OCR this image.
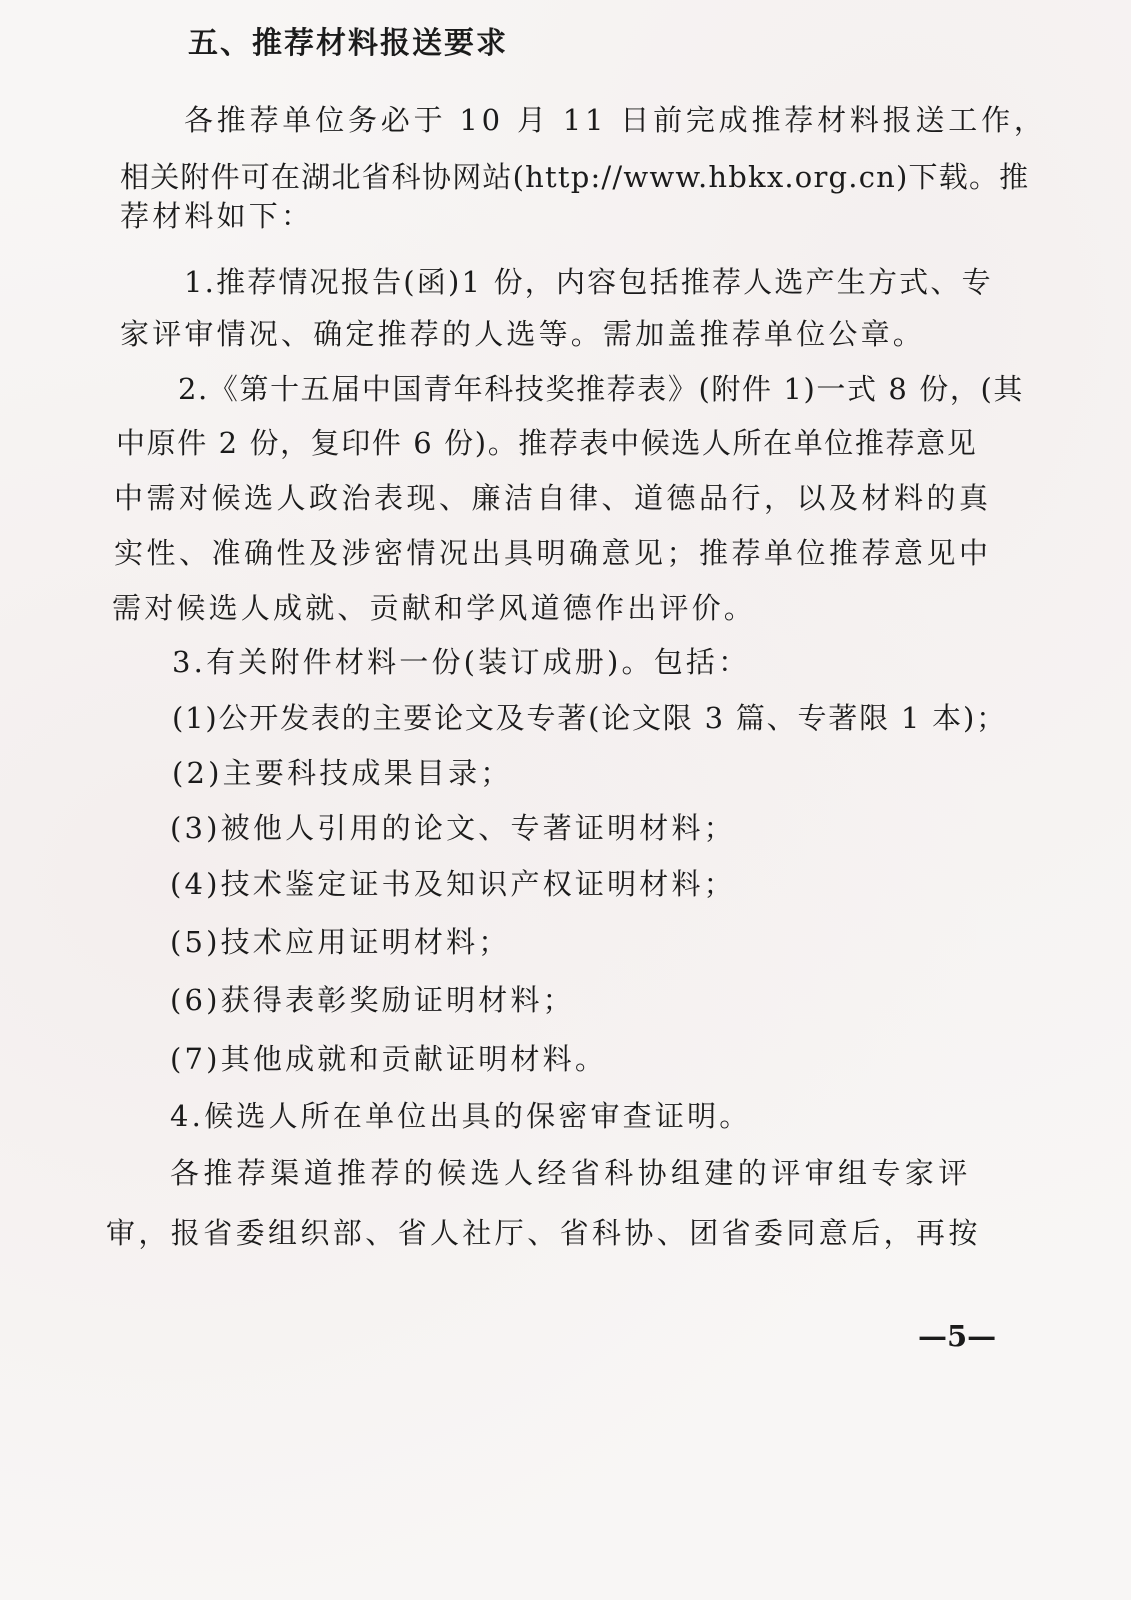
五、推荐材料报送要求
各推荐单位务必于 10 月 11 日前完成推荐材料报送工作，
相关附件可在湖北省科协网站(http://www.hbkx.org.cn)下载。推
荐材料如下：
1.推荐情况报告(函)1 份，内容包括推荐人选产生方式、专
家评审情况、确定推荐的人选等。需加盖推荐单位公章。
2.《第十五届中国青年科技奖推荐表》(附件 1)一式 8 份，(其
中原件 2 份，复印件 6 份)。推荐表中候选人所在单位推荐意见
中需对候选人政治表现、廉洁自律、道德品行，以及材料的真
实性、准确性及涉密情况出具明确意见；推荐单位推荐意见中
需对候选人成就、贡献和学风道德作出评价。
3.有关附件材料一份(装订成册)。包括：
(1)公开发表的主要论文及专著(论文限 3 篇、专著限 1 本)；
(2)主要科技成果目录；
(3)被他人引用的论文、专著证明材料；
(4)技术鉴定证书及知识产权证明材料；
(5)技术应用证明材料；
(6)获得表彰奖励证明材料；
(7)其他成就和贡献证明材料。
4.候选人所在单位出具的保密审查证明。
各推荐渠道推荐的候选人经省科协组建的评审组专家评
审，报省委组织部、省人社厅、省科协、团省委同意后，再按
—5—
